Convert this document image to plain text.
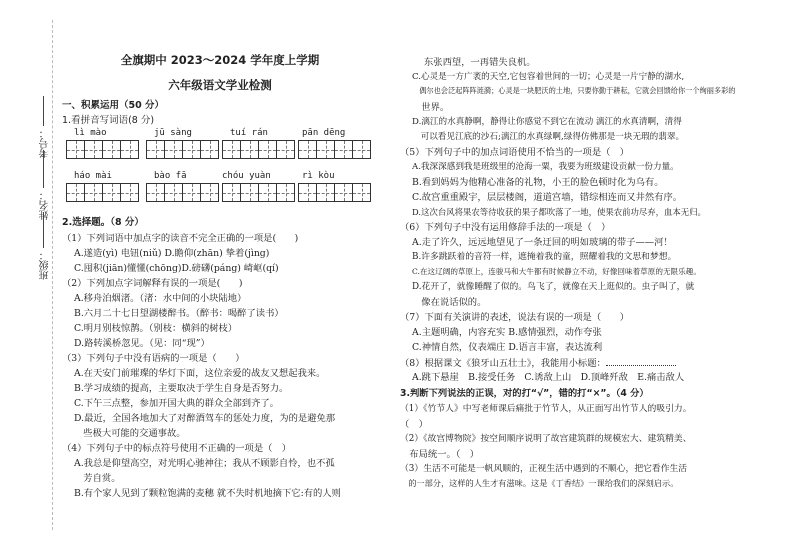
考号：
姓名：
班级：
全旗期中 2023～2024 学年度上学期
六年级语文学业检测
一、积累运用（50 分）
1.看拼音写词语(8 分)
lì mào	jū sàng	tuí rán	pān dēng
háo mài	bào fā	chóu yuàn	rì kòu
2.选择题。（8 分）
（1）下列词语中加点字的读音不完全正确的一项是(　　)
A.遂造(yì) 电钮(niǔ) D.瞻仰(zhān) 挚着(jìng)
C.囤积(jiān)懂懂(chōng)D.磅礴(páng) 崎岖(qí)
（2）下列加点字词解释有误的一项是(　　)
A.移舟泊烟渚。（渚：水中间的小块陆地）
B.六月二十七日望湖楼醉书。（醉书：喝醉了读书）
C.明月别枝惊鹊。（别枝：横斜的树枝）
D.路转溪桥忽见。（见：同“现”）
（3）下列句子中没有语病的一项是（　　）
A.在天安门前璀璨的华灯下面，这位亲爱的战友又想起我来。
B.学习成绩的提高，主要取决于学生自身是否努力。
C.下午三点整，参加开国大典的群众全部到齐了。
D.最近，全国各地加大了对醉酒驾车的惩处力度，为的是避免那
　些极大可能的交通事故。
（4）下列句子中的标点符号使用不正确的一项是（　）
A.我总是仰望高空，对光明心驰神往；我从不顾影自怜，也不孤
　芳自赏。
B.有个家人见到了颗粒饱满的麦穗 就不失时机地摘下它:有的人则
东张西望，一再错失良机。
C.心灵是一方广袤的天空,它包容着世间的一切；心灵是一片宁静的湖水,
　偶尔也会泛起阵阵涟漪；心灵是一块肥沃的土地，只要你勤于耕耘，它就会回馈给你一个绚丽多彩的
　世界。
D.漓江的水真静啊，静得让你感觉不到它在流动 漓江的水真清啊，清得
　可以看见江底的沙石;漓江的水真绿啊,绿得仿佛那是一块无瑕的翡翠。
（5）下列句子中的加点词语使用不恰当的一项是（　）
A.我深深感到我是班级里的沧海一粟，我要为班级建设贡献一份力量。
B.看到妈妈为他精心准备的礼物，小王的脸色顿时化为乌有。
C.故宫重重殿宇，层层楼阁，道道宫墙，错综相连而又井然有序。
D.这次台风将果农等待收获的果子都吹落了一地，使果农前功尽弃，血本无归。
（6）下列句子中没有运用修辞手法的一项是（　）
A.走了许久，远远地望见了一条迂回的明如玻璃的带子——河！
B.许多跳跃着的音符一样，遮掩着我的童，照耀着我的文思和梦想。
C.在这辽阔的草原上，连骏马和大牛都有时候静立不动，好像回味着草原的无限乐趣。
D.花开了，就像睡醒了似的。鸟飞了，就像在天上逛似的。虫子叫了，就
　像在说话似的。
（7）下面有关演讲的表述，说法有误的一项是（　　）
A.主题明确，内容充实 B.感情强烈，动作夸张
C.神情自然，仪表端庄 D.语言丰富，表达流利
（8）根据课文《狼牙山五壮士》，我能用小标题：
A.跳下悬崖　B.接受任务　C.诱敌上山　D.顶峰歼敌　E.痛击敌人
3.判断下列说法的正误，对的打“√”，错的打“×”。（4 分）
（1）《竹节人》中写老师课后痛批于竹节人，从正面写出竹节人的吸引力。
（　）
（2）《故宫博物院》按空间顺序说明了故宫建筑群的规模宏大、建筑精美、
　布局统一。（　）
（3）生活不可能是一帆风顺的，正视生活中遇到的不顺心，把它看作生活
　的一部分，这样的人生才有滋味。这是《丁香结》一课给我们的深刻启示。
